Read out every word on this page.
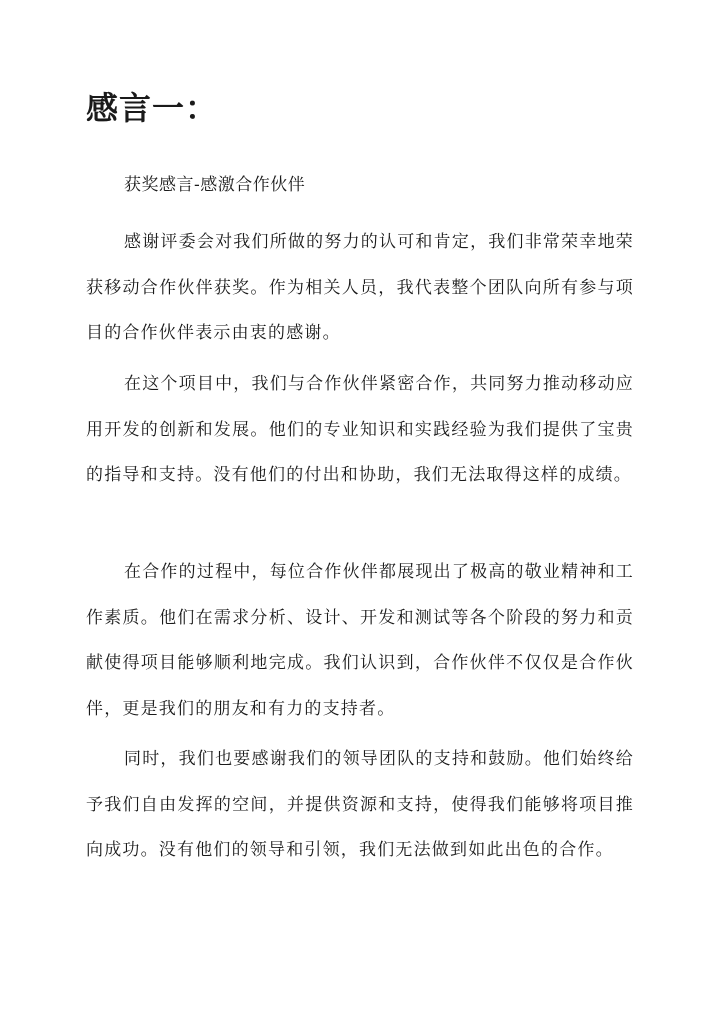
感言一：

获奖感言-感激合作伙伴

感谢评委会对我们所做的努力的认可和肯定，我们非常荣幸地荣获移动合作伙伴获奖。作为相关人员，我代表整个团队向所有参与项目的合作伙伴表示由衷的感谢。

在这个项目中，我们与合作伙伴紧密合作，共同努力推动移动应用开发的创新和发展。他们的专业知识和实践经验为我们提供了宝贵的指导和支持。没有他们的付出和协助，我们无法取得这样的成绩。

在合作的过程中，每位合作伙伴都展现出了极高的敬业精神和工作素质。他们在需求分析、设计、开发和测试等各个阶段的努力和贡献使得项目能够顺利地完成。我们认识到，合作伙伴不仅仅是合作伙伴，更是我们的朋友和有力的支持者。

同时，我们也要感谢我们的领导团队的支持和鼓励。他们始终给予我们自由发挥的空间，并提供资源和支持，使得我们能够将项目推向成功。没有他们的领导和引领，我们无法做到如此出色的合作。
